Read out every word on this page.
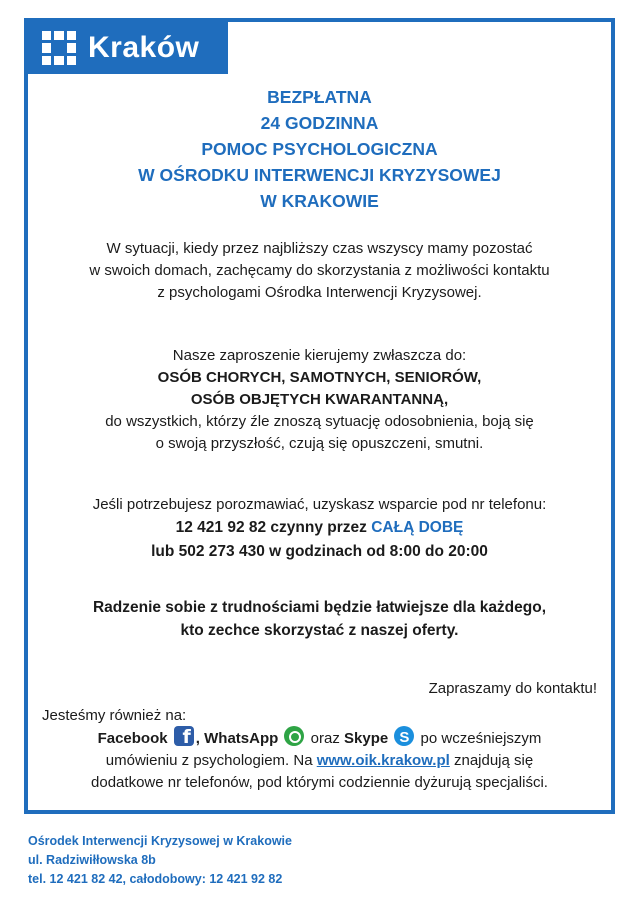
Kraków
BEZPŁATNA
24 GODZINNA
POMOC PSYCHOLOGICZNA
W OŚRODKU INTERWENCJI KRYZYSOWEJ
W KRAKOWIE
W sytuacji, kiedy przez najbliższy czas wszyscy mamy pozostać
w swoich domach, zachęcamy do skorzystania z możliwości kontaktu
z psychologami Ośrodka Interwencji Kryzysowej.
Nasze zaproszenie kierujemy zwłaszcza do:
OSÓB CHORYCH, SAMOTNYCH, SENIORÓW,
OSÓB OBJĘTYCH KWARANTANNĄ,
do wszystkich, którzy źle znoszą sytuację odosobnienia, boją się
o swoją przyszłość, czują się opuszczeni, smutni.
Jeśli potrzebujesz porozmawiać, uzyskasz wsparcie pod nr telefonu:
12 421 92 82 czynny przez CAŁĄ DOBĘ
lub 502 273 430 w godzinach od 8:00 do 20:00
Radzenie sobie z trudnościami będzie łatwiejsze dla każdego,
kto zechce skorzystać z naszej oferty.
Zapraszamy do kontaktu!
Jesteśmy również na:
Facebook f , WhatsApp oraz Skype S po wcześniejszym
umówieniu z psychologiem. Na www.oik.krakow.pl znajdują się
dodatkowe nr telefonów, pod którymi codziennie dyżurują specjaliści.
Ośrodek Interwencji Kryzysowej w Krakowie
ul. Radziwiłłowska 8b
tel. 12 421 82 42, całodobowy: 12 421 92 82
